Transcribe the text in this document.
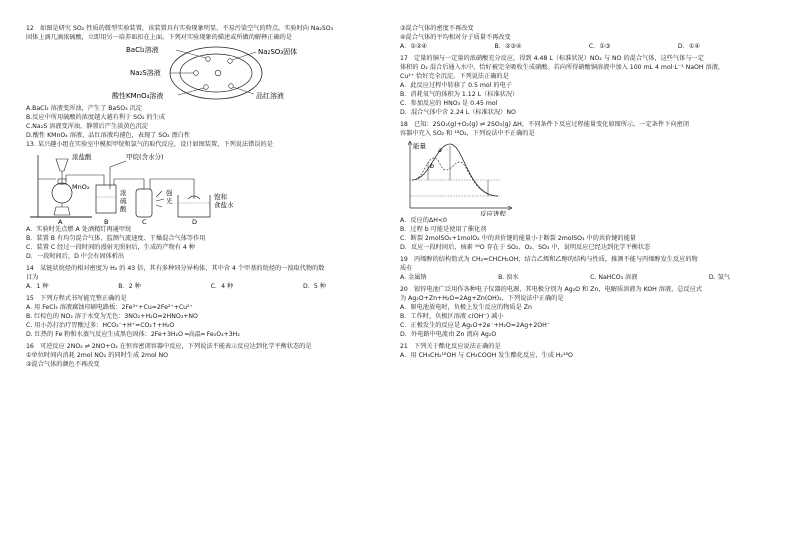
12　如图是研究 SO₂ 性质的微型实验装置，该装置具有实验现象明显，不易污染空气的特点。实验时向 Na₂SO₃
固体上滴几滴浓硫酸，立即用另一培养皿扣在上面。下列对实验现象的描述或所做的解释正确的是
BaCl₂溶液	Na₂SO₃固体
Na₂S溶液
酸性KMnO₄溶液	品红溶液
A.BaCl₂ 溶液变浑浊，产生了 BaSO₃ 沉淀
B.反应中所用硫酸的浓度越大越有利于 SO₂ 的生成
C.Na₂S 溶液变浑浊，静置后产生淡黄色沉淀
D.酸性 KMnO₄ 溶液、品红溶液均褪色，表现了 SO₂ 漂白性
13. 某兴趣小组在实验室中模拟甲烷和氯气的取代反应，设计如图装置，下列说法错误的是
浓盐酸	甲烷(含水分)
MnO₂
浓
硫
酸
强
光	饱和
食盐水
A	B	C	D
A．实验时先点燃 A 处酒精灯再通甲烷
B．装置 B 有均匀混合气体、监测气流速度、干燥混合气体等作用
C．装置 C 经过一段时间的漫射光照射后，生成的产物有 4 种
D．一段时间后，D 中会有固体析出
14　某链状烷烃的相对密度为 H₂ 的 43 倍，其有多种同分异构体，其中含 4 个甲基的烷烃的一溴取代物的数
目为
A．1 种	B．2 种	C．4 种	D．5 种
15　下列方程式书写能完整正确的是
A. 用 FeCl₃ 溶液腐蚀印刷电路板：2Fe³⁺+Cu=2Fe²⁺+Cu²⁺
B. 红棕色的 NO₂ 溶于水变为无色：3NO₂+H₂O=2HNO₃+NO
C. 用小苏打治疗胃酸过多：HCO₃⁻+H⁺=CO₂↑+H₂O
D. 红热的 Fe 粉和水蒸气反应生成黑色固体：2Fe+3H₂O ═高温═ Fe₂O₃+3H₂
16　可逆反应 2NO₂ ⇌ 2NO+O₂ 在恒容密闭容器中反应，下列说法不能表示反应达到化学平衡状态的是
①单位时间内消耗 2mol NO₂ 的同时生成 2mol NO
②混合气体的颜色不再改变
③混合气体的密度不再改变
④混合气体的平均相对分子质量不再改变
A．①②④	B．②③④	C．①③	D．①④
17　定量的铜与一定量的浓硝酸充分反应，得到 4.48 L（标准状况）NO₂ 与 NO 的混合气体，这些气体与一定
体积的 O₂ 混合后通入水中，恰好被完全吸收生成硝酸。若向所得硝酸铜溶液中加入 100 mL 4 mol·L⁻¹ NaOH 溶液，
Cu²⁺ 恰好完全沉淀。下列说法正确的是
A．此反应过程中转移了 0.5 mol 的电子
B．消耗氧气的体积为 1.12 L（标准状况）
C．参加反应的 HNO₃ 是 0.45 mol
D．混合气体中含 2.24 L（标准状况）NO
18　已知：2SO₂(g)+O₂(g) ⇌ 2SO₃(g) ΔH，不同条件下反应过程能量变化如图所示。一定条件下向密闭
容器中充入 SO₂ 和 ¹⁸O₂，下列说法中不正确的是
能量
反应进程
a
b
A．反应的ΔH<0
B．过程 b 可能是使用了催化剂
C．断裂 2molSO₂+1molO₂ 中的共价键的能量小于断裂 2molSO₃ 中的共价键的能量
D．反应一段时间后，核素 ¹⁸O 存在于 SO₂、O₂、SO₃ 中，说明反应已经达到化学平衡状态
19　丙烯醇的结构简式为 CH₂=CHCH₂OH，结合乙烯和乙醇的结构与性质，推测不能与丙烯醇发生反应的物
质有
A. 金属钠	B. 溴水	C. NaHCO₃ 溶液	D. 氢气
20　银锌电池广泛用作各种电子仪器的电源，其电极分别为 Ag₂O 和 Zn，电解质溶液为 KOH 溶液，总反应式
为 Ag₂O+Zn+H₂O=2Ag+Zn(OH)₂，下列说法中正确的是
A．原电池放电时，负极上发生反应的物质是 Zn
B．工作时，负极区溶液 c(OH⁻) 减小
C．正极发生的反应是 Ag₂O+2e⁻+H₂O=2Ag+2OH⁻
D．外电路中电流由 Zn 流向 Ag₂O
21　下列关于酯化反应说法正确的是
A．用 CH₃CH₂¹⁸OH 与 CH₃COOH 发生酯化反应，生成 H₂¹⁸O
